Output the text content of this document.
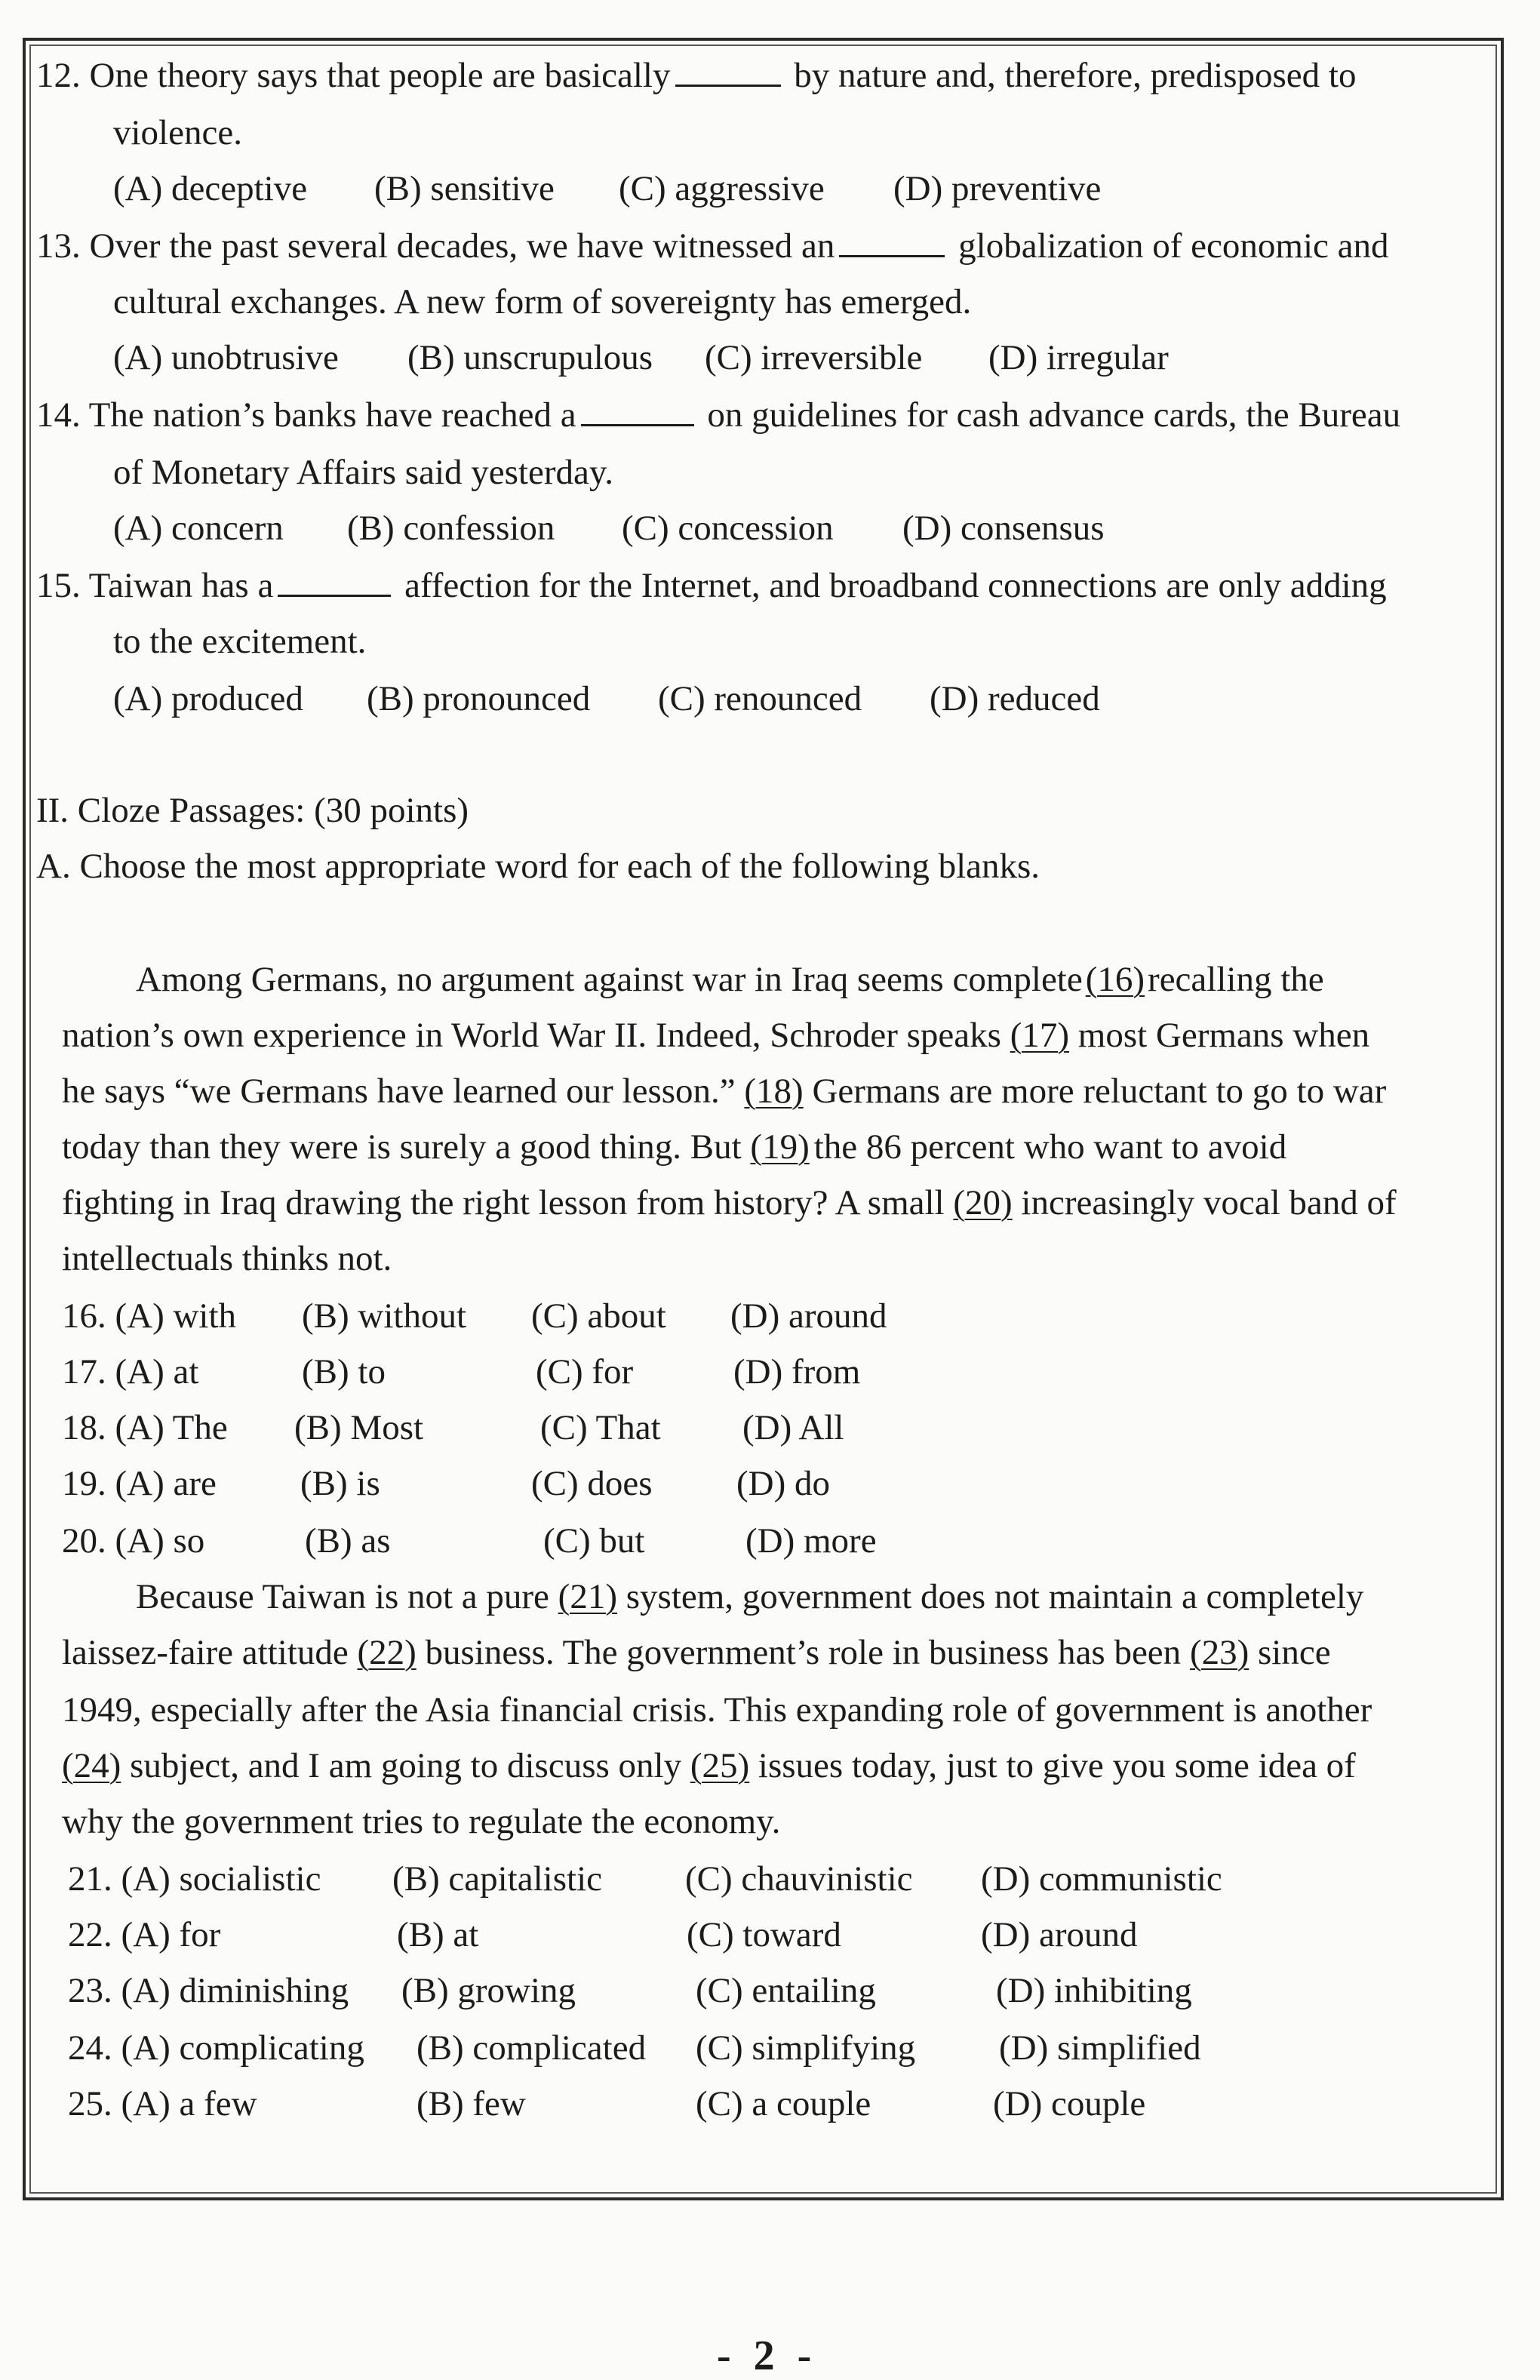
12. One theory says that people are basically	by nature and, therefore, predisposed to
violence.
(A) deceptive (B) sensitive (C) aggressive (D) preventive
13. Over the past several decades, we have witnessed an	globalization of economic and
cultural exchanges. A new form of sovereignty has emerged.
(A) unobtrusive (B) unscrupulous (C) irreversible (D) irregular
14. The nation’s banks have reached a	on guidelines for cash advance cards, the Bureau
of Monetary Affairs said yesterday.
(A) concern (B) confession (C) concession (D) consensus
15. Taiwan has a	affection for the Internet, and broadband connections are only adding
to the excitement.
(A) produced (B) pronounced (C) renounced (D) reduced
II. Cloze Passages: (30 points)
A. Choose the most appropriate word for each of the following blanks.
Among Germans, no argument against war in Iraq seems complete(16)recalling the
nation’s own experience in World War II. Indeed, Schroder speaks (17) most Germans when
he says “we Germans have learned our lesson.” (18) Germans are more reluctant to go to war
today than they were is surely a good thing. But (19) the 86 percent who want to avoid
fighting in Iraq drawing the right lesson from history? A small (20) increasingly vocal band of
intellectuals thinks not.
16. (A) with (B) without (C) about (D) around
17. (A) at	(B) to	(C) for	(D) from
18. (A) The (B) Most	(C) That (D) All
19. (A) are (B) is	(C) does (D) do
20. (A) so	(B) as	(C) but	(D) more
Because Taiwan is not a pure (21) system, government does not maintain a completely
laissez-faire attitude (22) business. The government’s role in business has been (23) since
1949, especially after the Asia financial crisis. This expanding role of government is another
(24) subject, and I am going to discuss only (25) issues today, just to give you some idea of
why the government tries to regulate the economy.
21. (A) socialistic (B) capitalistic (C) chauvinistic (D) communistic
22. (A) for	(B) at	(C) toward	(D) around
23. (A) diminishing (B) growing	(C) entailing	(D) inhibiting
24. (A) complicating (B) complicated (C) simplifying (D) simplified
25. (A) a few	(B) few	(C) a couple	(D) couple
- 2 -
